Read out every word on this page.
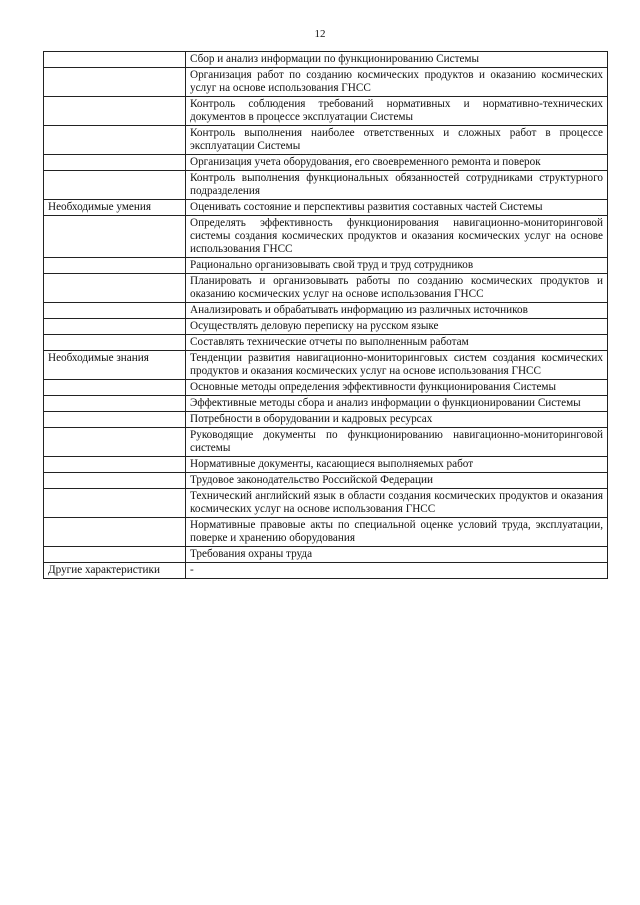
12
	Сбор и анализ информации по функционированию Системы
	Организация работ по созданию космических продуктов и оказанию космических услуг на основе использования ГНСС
	Контроль соблюдения требований нормативных и нормативно-технических документов в процессе эксплуатации Системы
	Контроль выполнения наиболее ответственных и сложных работ в процессе эксплуатации Системы
	Организация учета оборудования, его своевременного ремонта и поверок
	Контроль выполнения функциональных обязанностей сотрудниками структурного подразделения
Необходимые умения	Оценивать состояние и перспективы развития составных частей Системы
	Определять эффективность функционирования навигационно-мониторинговой системы создания космических продуктов и оказания космических услуг на основе использования ГНСС
	Рационально организовывать свой труд и труд сотрудников
	Планировать и организовывать работы по созданию космических продуктов и оказанию космических услуг на основе использования ГНСС
	Анализировать и обрабатывать информацию из различных источников
	Осуществлять деловую переписку на русском языке
	Составлять технические отчеты по выполненным работам
Необходимые знания	Тенденции развития навигационно-мониторинговых систем создания космических продуктов и оказания космических услуг на основе использования ГНСС
	Основные методы определения эффективности функционирования Системы
	Эффективные методы сбора и анализ информации о функционировании Системы
	Потребности в оборудовании и кадровых ресурсах
	Руководящие документы по функционированию навигационно-мониторинговой системы
	Нормативные документы, касающиеся выполняемых работ
	Трудовое законодательство Российской Федерации
	Технический английский язык в области создания космических продуктов и оказания космических услуг на основе использования ГНСС
	Нормативные правовые акты по специальной оценке условий труда, эксплуатации, поверке и хранению оборудования
	Требования охраны труда
Другие характеристики	-
